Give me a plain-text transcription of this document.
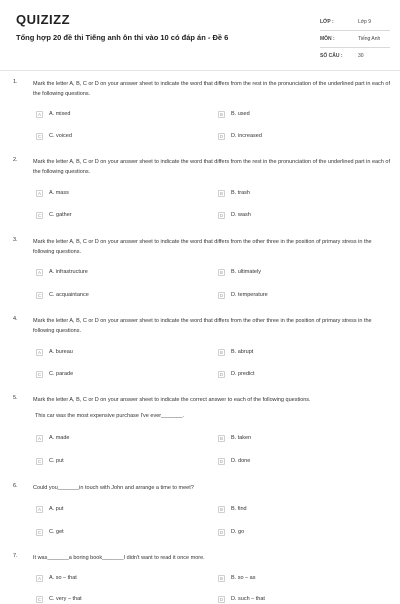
QUIZIZZ
Tổng hợp 20 đề thi Tiếng anh ôn thi vào 10 có đáp án - Đề 6
LỚP :	Lớp 9
MÔN :	Tiếng Anh
SỐ CÂU :	30
1.	Mark the letter A, B, C or D on your answer sheet to indicate the word that differs from the rest in the pronunciation of the underlined part in each of the following questions.
A	A. mixed	B	B. used
C	C. voiced	D	D. increased
2.	Mark the letter A, B, C or D on your answer sheet to indicate the word that differs from the rest in the pronunciation of the underlined part in each of the following questions.
A	A. mass	B	B. trash
C	C. gather	D	D. wash
3.	Mark the letter A, B, C or D on your answer sheet to indicate the word that differs from the other three in the position of primary stress in the following questions.
A	A. infrastructure	B	B. ultimately
C	C. acquaintance	D	D. temperature
4.	Mark the letter A, B, C or D on your answer sheet to indicate the word that differs from the other three in the position of primary stress in the following questions.
A	A. bureau	B	B. abrupt
C	C. parade	D	D. predict
5.	Mark the letter A, B, C or D on your answer sheet to indicate the correct answer to each of the following questions.
This car was the most expensive purchase I've ever_______.
A	A. made	B	B. taken
C	C. put	D	D. done
6.	Could you_______in touch with John and arrange a time to meet?
A	A. put	B	B. find
C	C. get	D	D. go
7.	It was_______a boring book_______I didn't want to read it once more.
A	A. so – that	B	B. so – as
C	C. very – that	D	D. such – that
